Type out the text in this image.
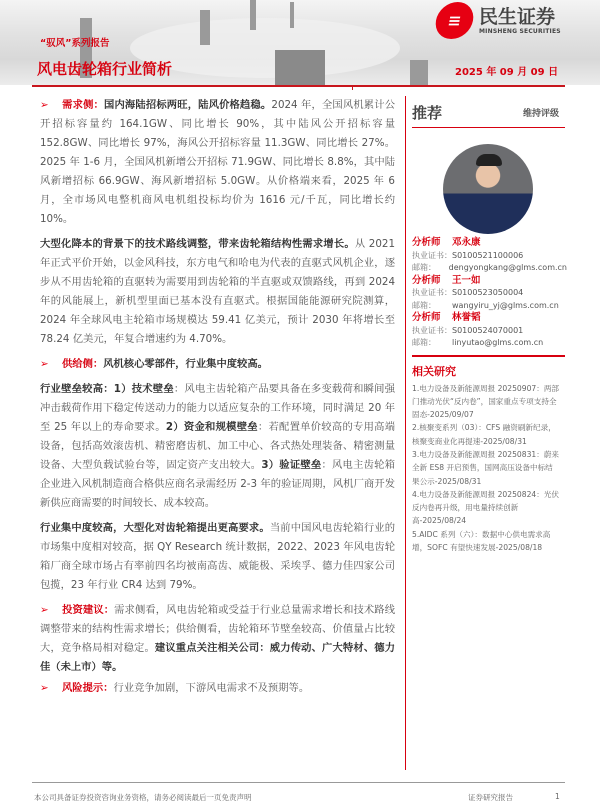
“驭风”系列报告
风电齿轮箱行业简析	2025 年 09 月 09 日
≡ 民生证券
MINSHENG SECURITIES

➢ 需求侧：国内海陆招标两旺，陆风价格趋稳。2024 年，全国风机累计公开招标容量约 164.1GW、同比增长 90%，其中陆风公开招标容量 152.8GW、同比增长 97%，海风公开招标容量 11.3GW、同比增长 27%。2025 年 1-6 月，全国风机新增公开招标 71.9GW、同比增长 8.8%，其中陆风新增招标 66.9GW、海风新增招标 5.0GW。从价格端来看，2025 年 6 月，全市场风电整机商风电机组投标均价为 1616 元/千瓦，同比增长约 10%。

大型化降本的背景下的技术路线调整，带来齿轮箱结构性需求增长。从 2021 年正式平价开始，以金风科技，东方电气和哈电为代表的直驱式风机企业，逐步从不用齿轮箱的直驱转为需要用到齿轮箱的半直驱或双馈路线，再到 2024 年的风能展上，新机型里面已基本没有直驱式。根据国能能源研究院测算，2024 年全球风电主轮箱市场规模达 59.41 亿美元，预计 2030 年将增长至 78.24 亿美元，年复合增速约为 4.70%。

➢ 供给侧：风机核心零部件，行业集中度较高。

行业壁垒较高：1）技术壁垒：风电主齿轮箱产品要具备在多变载荷和瞬间强冲击载荷作用下稳定传送动力的能力以适应复杂的工作环境，同时满足 20 年至 25 年以上的寿命要求。2）资金和规模壁垒：若配置单价较高的专用高端设备，包括高效滚齿机、精密磨齿机、加工中心、各式热处理装备、精密测量设备、大型负载试验台等，固定资产支出较大。3）验证壁垒：风电主齿轮箱企业进入风机制造商合格供应商名录需经历 2-3 年的验证周期，风机厂商开发新供应商需要的时间较长、成本较高。

行业集中度较高，大型化对齿轮箱提出更高要求。当前中国风电齿轮箱行业的市场集中度相对较高，据 QY Research 统计数据，2022、2023 年风电齿轮箱厂商全球市场占有率前四名均被南高齿、威能极、采埃孚、德力佳四家公司包揽，23 年行业 CR4 达到 79%。

➢ 投资建议：需求侧看，风电齿轮箱或受益于行业总量需求增长和技术路线调整带来的结构性需求增长；供给侧看，齿轮箱环节壁垒较高、价值量占比较大，竞争格局相对稳定。建议重点关注相关公司：威力传动、广大特材、德力佳（未上市）等。

➢ 风险提示：行业竞争加剧，下游风电需求不及预期等。

推荐	维持评级
分析师	邓永康
执业证书： S0100521100006
邮箱：	dengyongkang@glms.com.cn
分析师	王一如
执业证书： S0100523050004
邮箱：	wangyiru_yj@glms.com.cn
分析师	林誉韬
执业证书： S0100524070001
邮箱：	linyutao@glms.com.cn
相关研究
1.电力设备及新能源周报 20250907：两部门推动光伏“反内卷”，国家重点专项支持全固态-2025/09/07
2.核聚变系列（03）：CFS 融资刷新纪录，核聚变商业化再提速-2025/08/31
3.电力设备及新能源周报 20250831：蔚来全新 ES8 开启预售，国网高压设备中标结果公示-2025/08/31
4.电力设备及新能源周报 20250824：光伏反内卷再升级，用电量持续创新高-2025/08/24
5.AIDC 系列（六）：数据中心供电需求高增，SOFC 有望快速发展-2025/08/18
本公司具备证券投资咨询业务资格，请务必阅读最后一页免责声明	证券研究报告	1
